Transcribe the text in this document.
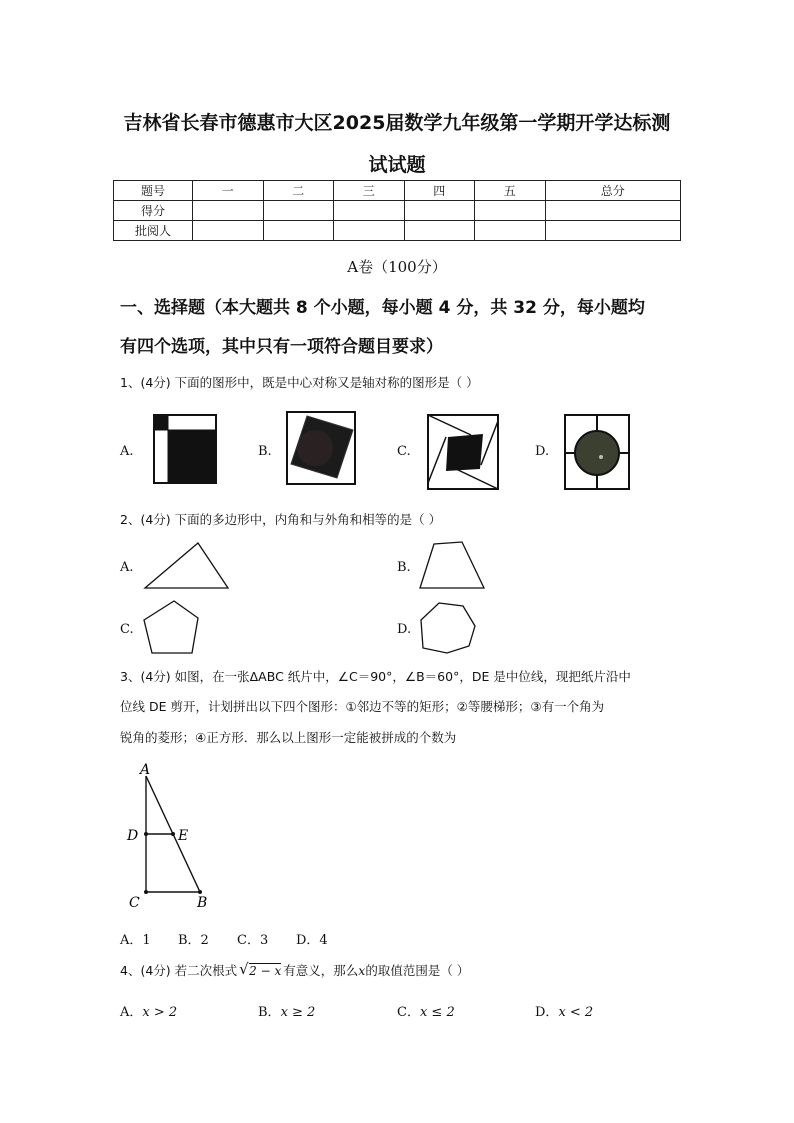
吉林省长春市德惠市大区2025届数学九年级第一学期开学达标测
试试题
题号	一	二	三	四	五	总分
得分						
批阅人						
A卷（100分）
一、选择题（本大题共 8 个小题，每小题 4 分，共 32 分，每小题均
有四个选项，其中只有一项符合题目要求）
1、(4分) 下面的图形中，既是中心对称又是轴对称的图形是（ ）
A.	B.	C.	D.
2、(4分) 下面的多边形中，内角和与外角和相等的是（ ）
A.	B.
C.	D.
3、(4分) 如图，在一张ΔABC 纸片中，∠C＝90°，∠B＝60°，DE 是中位线，现把纸片沿中
位线 DE 剪开，计划拼出以下四个图形：①邻边不等的矩形；②等腰梯形；③有一个角为
锐角的菱形；④正方形．那么以上图形一定能被拼成的个数为
A
D	E
C	B
A．1 B．2 C．3 D．4
4、(4分) 若二次根式 √ 2 − x 有意义，那么x的取值范围是（ ）
A．x > 2	B．x ≥ 2	C．x ≤ 2	D．x < 2
